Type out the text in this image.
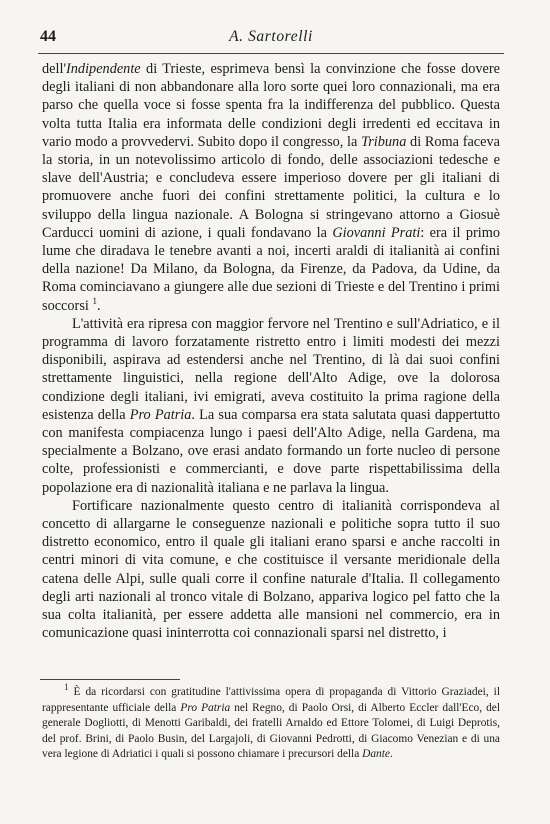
44	A. Sartorelli

dell'Indipendente di Trieste, esprimeva bensì la convinzione che fosse dovere degli italiani di non abbandonare alla loro sorte quei loro connazionali, ma era parso che quella voce si fosse spenta fra la indifferenza del pubblico. Questa volta tutta Italia era informata delle condizioni degli irredenti ed eccitava in vario modo a provvedervi. Subito dopo il congresso, la Tribuna di Roma faceva la storia, in un notevolissimo articolo di fondo, delle associazioni tedesche e slave dell'Austria; e concludeva essere imperioso dovere per gli italiani di promuovere anche fuori dei confini strettamente politici, la cultura e lo sviluppo della lingua nazionale. A Bologna si stringevano attorno a Giosuè Carducci uomini di azione, i quali fondavano la Giovanni Prati: era il primo lume che diradava le tenebre avanti a noi, incerti araldi di italianità ai confini della nazione! Da Milano, da Bologna, da Firenze, da Padova, da Udine, da Roma cominciavano a giungere alle due sezioni di Trieste e del Trentino i primi soccorsi $^1$.

L'attività era ripresa con maggior fervore nel Trentino e sull'Adriatico, e il programma di lavoro forzatamente ristretto entro i limiti modesti dei mezzi disponibili, aspirava ad estendersi anche nel Trentino, di là dai suoi confini strettamente linguistici, nella regione dell'Alto Adige, ove la dolorosa condizione degli italiani, ivi emigrati, aveva costituito la prima ragione della esistenza della Pro Patria. La sua comparsa era stata salutata quasi dappertutto con manifesta compiacenza lungo i paesi dell'Alto Adige, nella Gardena, ma specialmente a Bolzano, ove erasi andato formando un forte nucleo di persone colte, professionisti e commercianti, e dove parte rispettabilissima della popolazione era di nazionalità italiana e ne parlava la lingua.

Fortificare nazionalmente questo centro di italianità corrispondeva al concetto di allargarne le conseguenze nazionali e politiche sopra tutto il suo distretto economico, entro il quale gli italiani erano sparsi e anche raccolti in centri minori di vita comune, e che costituisce il versante meridionale della catena delle Alpi, sulle quali corre il confine naturale d'Italia. Il collegamento degli arti nazionali al tronco vitale di Bolzano, appariva logico pel fatto che la sua colta italianità, per essere addetta alle mansioni nel commercio, era in comunicazione quasi ininterrotta coi connazionali sparsi nel distretto, i

$^1$ È da ricordarsi con gratitudine l'attivissima opera di propaganda di Vittorio Graziadei, il rappresentante ufficiale della Pro Patria nel Regno, di Paolo Orsi, di Alberto Eccler dall'Eco, del generale Dogliotti, di Menotti Garibaldi, dei fratelli Arnaldo ed Ettore Tolomei, di Luigi Deprotis, del prof. Brini, di Paolo Busin, del Largajoli, di Giovanni Pedrotti, di Giacomo Venezian e di una vera legione di Adriatici i quali si possono chiamare i precursori della Dante.
